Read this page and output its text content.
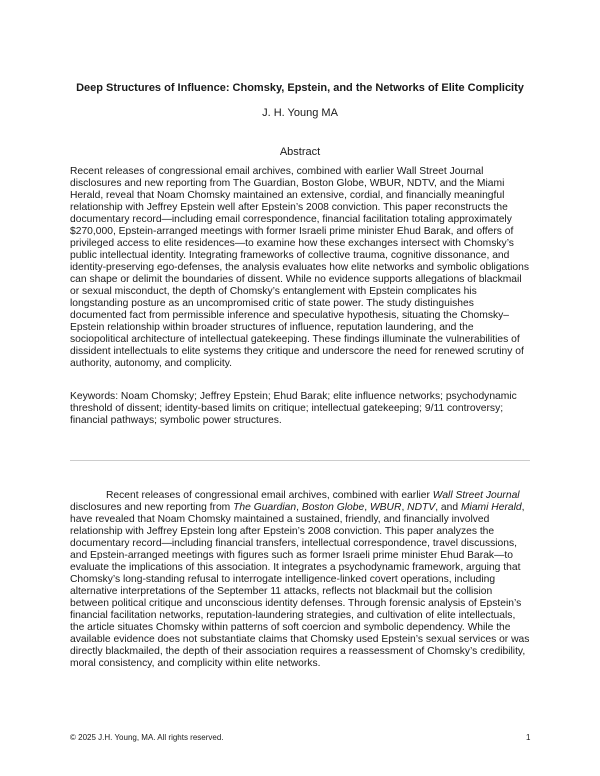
Deep Structures of Influence: Chomsky, Epstein, and the Networks of Elite Complicity
J. H. Young MA
Abstract

Recent releases of congressional email archives, combined with earlier Wall Street Journal disclosures and new reporting from The Guardian, Boston Globe, WBUR, NDTV, and the Miami Herald, reveal that Noam Chomsky maintained an extensive, cordial, and financially meaningful relationship with Jeffrey Epstein well after Epstein’s 2008 conviction. This paper reconstructs the documentary record—including email correspondence, financial facilitation totaling approximately $270,000, Epstein-arranged meetings with former Israeli prime minister Ehud Barak, and offers of privileged access to elite residences—to examine how these exchanges intersect with Chomsky’s public intellectual identity. Integrating frameworks of collective trauma, cognitive dissonance, and identity-preserving ego-defenses, the analysis evaluates how elite networks and symbolic obligations can shape or delimit the boundaries of dissent. While no evidence supports allegations of blackmail or sexual misconduct, the depth of Chomsky’s entanglement with Epstein complicates his longstanding posture as an uncompromised critic of state power. The study distinguishes documented fact from permissible inference and speculative hypothesis, situating the Chomsky–Epstein relationship within broader structures of influence, reputation laundering, and the sociopolitical architecture of intellectual gatekeeping. These findings illuminate the vulnerabilities of dissident intellectuals to elite systems they critique and underscore the need for renewed scrutiny of authority, autonomy, and complicity.

Keywords: Noam Chomsky; Jeffrey Epstein; Ehud Barak; elite influence networks; psychodynamic threshold of dissent; identity-based limits on critique; intellectual gatekeeping; 9/11 controversy; financial pathways; symbolic power structures.

Recent releases of congressional email archives, combined with earlier Wall Street Journal disclosures and new reporting from The Guardian, Boston Globe, WBUR, NDTV, and Miami Herald, have revealed that Noam Chomsky maintained a sustained, friendly, and financially involved relationship with Jeffrey Epstein long after Epstein’s 2008 conviction. This paper analyzes the documentary record—including financial transfers, intellectual correspondence, travel discussions, and Epstein-arranged meetings with figures such as former Israeli prime minister Ehud Barak—to evaluate the implications of this association. It integrates a psychodynamic framework, arguing that Chomsky’s long-standing refusal to interrogate intelligence-linked covert operations, including alternative interpretations of the September 11 attacks, reflects not blackmail but the collision between political critique and unconscious identity defenses. Through forensic analysis of Epstein’s financial facilitation networks, reputation-laundering strategies, and cultivation of elite intellectuals, the article situates Chomsky within patterns of soft coercion and symbolic dependency. While the available evidence does not substantiate claims that Chomsky used Epstein’s sexual services or was directly blackmailed, the depth of their association requires a reassessment of Chomsky’s credibility, moral consistency, and complicity within elite networks.

© 2025 J.H. Young, MA. All rights reserved.	1
